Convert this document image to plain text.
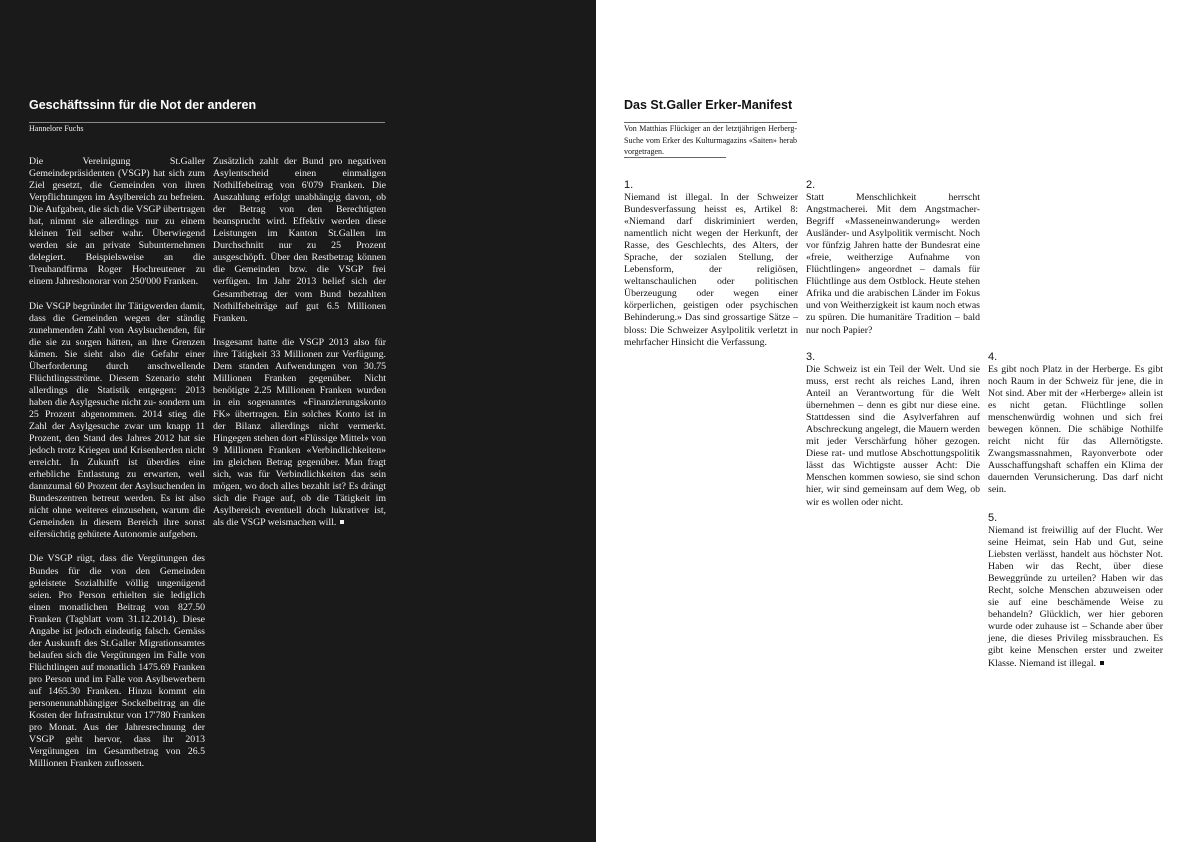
Geschäftssinn für die Not der anderen

Hannelore Fuchs

Die Vereinigung St.Galler Gemeindepräsidenten (VSGP) hat sich zum Ziel gesetzt, die Gemeinden von ihren Verpflichtungen im Asylbereich zu befreien. Die Aufgaben, die sich die VSGP übertragen hat, nimmt sie allerdings nur zu einem kleinen Teil selber wahr. Überwiegend werden sie an private Subunternehmen delegiert. Beispielsweise an die Treuhandfirma Roger Hochreutener zu einem Jahreshonorar von 250'000 Franken.

Die VSGP begründet ihr Tätigwerden damit, dass die Gemeinden wegen der ständig zunehmenden Zahl von Asylsuchenden, für die sie zu sorgen hätten, an ihre Grenzen kämen. Sie sieht also die Gefahr einer Überforderung durch anschwellende Flüchtlingsströme. Diesem Szenario steht allerdings die Statistik entgegen: 2013 haben die Asylgesuche nicht zu- sondern um 25 Prozent abgenommen. 2014 stieg die Zahl der Asylgesuche zwar um knapp 11 Prozent, den Stand des Jahres 2012 hat sie jedoch trotz Kriegen und Krisenherden nicht erreicht. In Zukunft ist überdies eine erhebliche Entlastung zu erwarten, weil dannzumal 60 Prozent der Asylsuchenden in Bundeszentren betreut werden. Es ist also nicht ohne weiteres einzusehen, warum die Gemeinden in diesem Bereich ihre sonst eifersüchtig gehütete Autonomie aufgeben.

Die VSGP rügt, dass die Vergütungen des Bundes für die von den Gemeinden geleistete Sozialhilfe völlig ungenügend seien. Pro Person erhielten sie lediglich einen monatlichen Beitrag von 827.50 Franken (Tagblatt vom 31.12.2014). Diese Angabe ist jedoch eindeutig falsch. Gemäss der Auskunft des St.Galler Migrationsamtes belaufen sich die Vergütungen im Falle von Flüchtlingen auf monatlich 1475.69 Franken pro Person und im Falle von Asylbewerbern auf 1465.30 Franken. Hinzu kommt ein personenunabhängiger Sockelbeitrag an die Kosten der Infrastruktur von 17'780 Franken pro Monat. Aus der Jahresrechnung der VSGP geht hervor, dass ihr 2013 Vergütungen im Gesamtbetrag von 26.5 Millionen Franken zuflossen.

Zusätzlich zahlt der Bund pro negativen Asylentscheid einen einmaligen Nothilfebeitrag von 6'079 Franken. Die Auszahlung erfolgt unabhängig davon, ob der Betrag von den Berechtigten beansprucht wird. Effektiv werden diese Leistungen im Kanton St.Gallen im Durchschnitt nur zu 25 Prozent ausgeschöpft. Über den Restbetrag können die Gemeinden bzw. die VSGP frei verfügen. Im Jahr 2013 belief sich der Gesamtbetrag der vom Bund bezahlten Nothilfebeiträge auf gut 6.5 Millionen Franken.

Insgesamt hatte die VSGP 2013 also für ihre Tätigkeit 33 Millionen zur Verfügung. Dem standen Aufwendungen von 30.75 Millionen Franken gegenüber. Nicht benötigte 2.25 Millionen Franken wurden in ein sogenanntes «Finanzierungskonto FK» übertragen. Ein solches Konto ist in der Bilanz allerdings nicht vermerkt. Hingegen stehen dort «Flüssige Mittel» von 9 Millionen Franken «Verbindlichkeiten» im gleichen Betrag gegenüber. Man fragt sich, was für Verbindlichkeiten das sein mögen, wo doch alles bezahlt ist? Es drängt sich die Frage auf, ob die Tätigkeit im Asylbereich eventuell doch lukrativer ist, als die VSGP weismachen will.

Das St.Galler Erker-Manifest

Von Matthias Flückiger an der letztjährigen Herberg-Suche vom Erker des Kulturmagazins «Saiten» herab vorgetragen.

1.
Niemand ist illegal. In der Schweizer Bundesverfassung heisst es, Artikel 8: «Niemand darf diskriminiert werden, namentlich nicht wegen der Herkunft, der Rasse, des Geschlechts, des Alters, der Sprache, der sozialen Stellung, der Lebensform, der religiösen, weltanschaulichen oder politischen Überzeugung oder wegen einer körperlichen, geistigen oder psychischen Behinderung.» Das sind grossartige Sätze – bloss: Die Schweizer Asylpolitik verletzt in mehrfacher Hinsicht die Verfassung.
2.
Statt Menschlichkeit herrscht Angstmacherei. Mit dem Angstmacher-Begriff «Masseneinwanderung» werden Ausländer- und Asylpolitik vermischt. Noch vor fünfzig Jahren hatte der Bundesrat eine «freie, weitherzige Aufnahme von Flüchtlingen» angeordnet – damals für Flüchtlinge aus dem Ostblock. Heute stehen Afrika und die arabischen Länder im Fokus und von Weitherzigkeit ist kaum noch etwas zu spüren. Die humanitäre Tradition – bald nur noch Papier?
3.
Die Schweiz ist ein Teil der Welt. Und sie muss, erst recht als reiches Land, ihren Anteil an Verantwortung für die Welt übernehmen – denn es gibt nur diese eine. Stattdessen sind die Asylverfahren auf Abschreckung angelegt, die Mauern werden mit jeder Verschärfung höher gezogen. Diese rat- und mutlose Abschottungspolitik lässt das Wichtigste ausser Acht: Die Menschen kommen sowieso, sie sind schon hier, wir sind gemeinsam auf dem Weg, ob wir es wollen oder nicht.
4.
Es gibt noch Platz in der Herberge. Es gibt noch Raum in der Schweiz für jene, die in Not sind. Aber mit der «Herberge» allein ist es nicht getan. Flüchtlinge sollen menschenwürdig wohnen und sich frei bewegen können. Die schäbige Nothilfe reicht nicht für das Allernötigste. Zwangsmassnahmen, Rayonverbote oder Ausschaffungshaft schaffen ein Klima der dauernden Verunsicherung. Das darf nicht sein.
5.
Niemand ist freiwillig auf der Flucht. Wer seine Heimat, sein Hab und Gut, seine Liebsten verlässt, handelt aus höchster Not. Haben wir das Recht, über diese Beweggründe zu urteilen? Haben wir das Recht, solche Menschen abzuweisen oder sie auf eine beschämende Weise zu behandeln? Glücklich, wer hier geboren wurde oder zuhause ist – Schande aber über jene, die dieses Privileg missbrauchen. Es gibt keine Menschen erster und zweiter Klasse. Niemand ist illegal.
